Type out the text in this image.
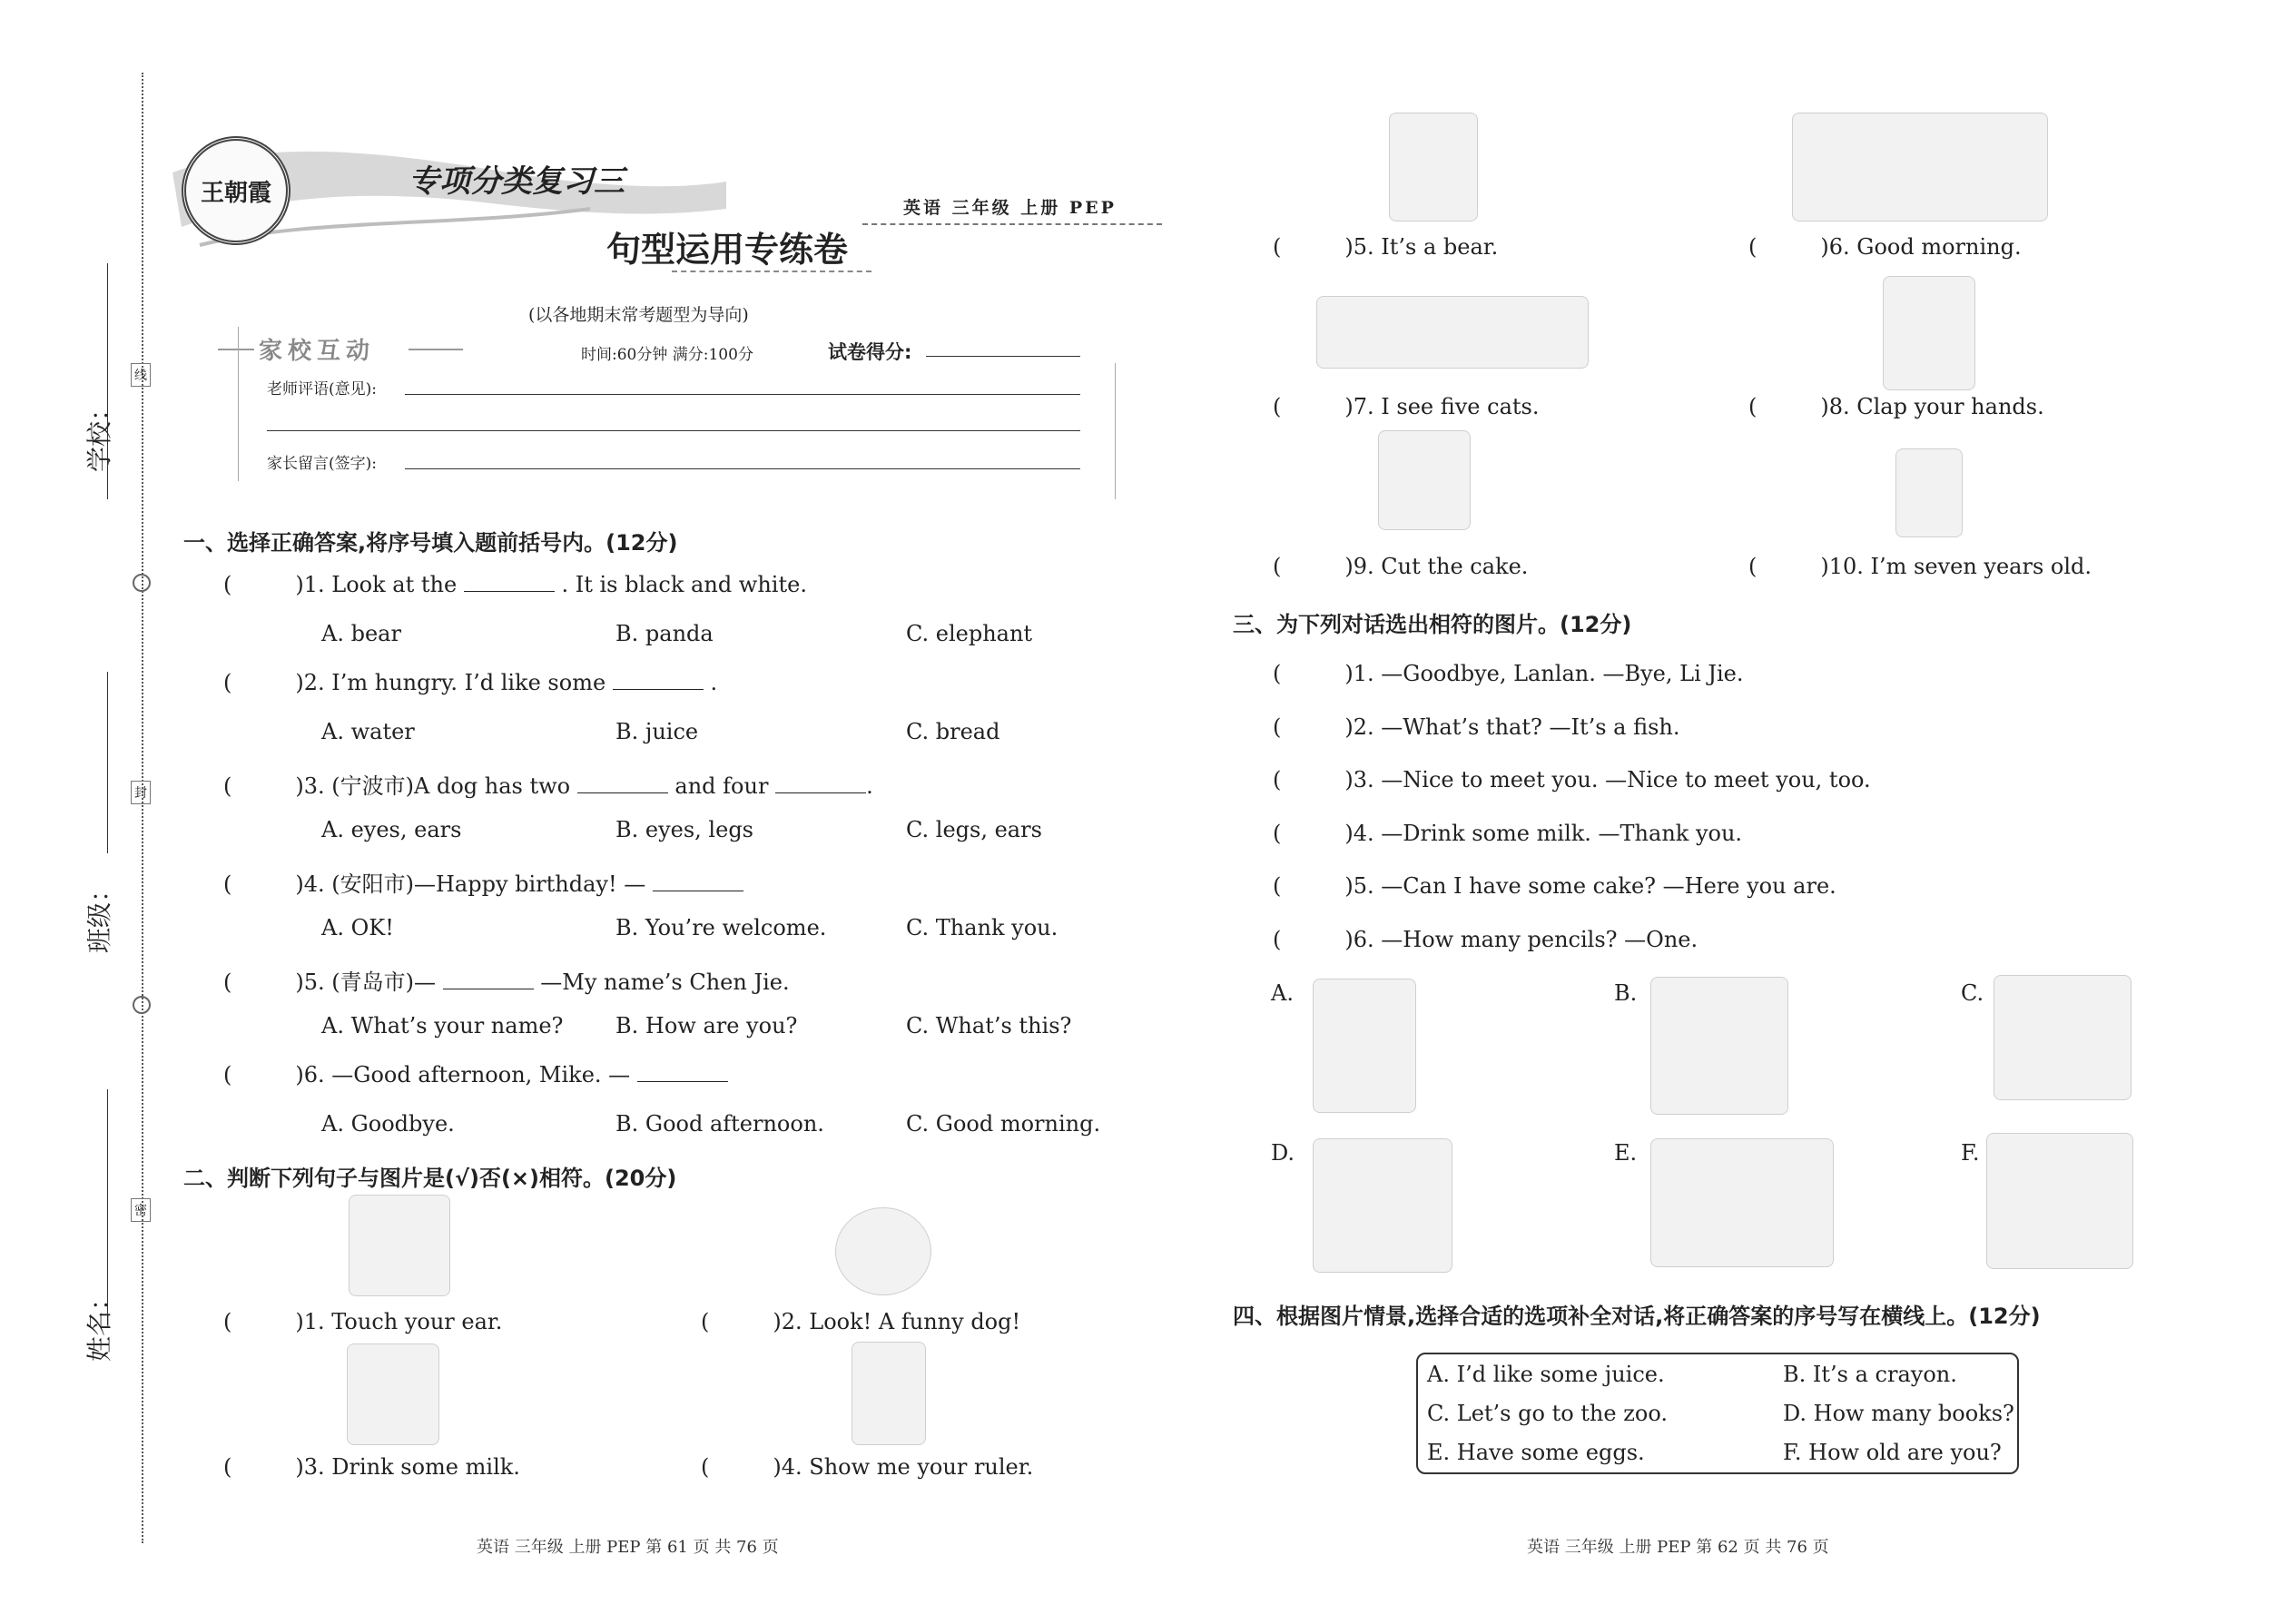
学校：
班级：
姓名：
线
封
密
王朝霞	专项分类复习三
英语 三年级 上册 PEP
句型运用专练卷
(以各地期末常考题型为导向)
家校互动	时间:60分钟 满分:100分	试卷得分:
老师评语(意见):
家长留言(签字):
一、选择正确答案,将序号填入题前括号内。(12分)
(	)1. Look at the	. It is black and white.
A. bear	B. panda	C. elephant
(	)2. I’m hungry. I’d like some	.
A. water	B. juice	C. bread
(	)3. (宁波市)A dog has two	and four	.
A. eyes, ears	B. eyes, legs	C. legs, ears
(	)4. (安阳市)—Happy birthday! —
A. OK!	B. You’re welcome.	C. Thank you.
(	)5. (青岛市)—	—My name’s Chen Jie.
A. What’s your name? B. How are you?	C. What’s this?
(	)6. —Good afternoon, Mike. —
A. Goodbye.	B. Good afternoon.	C. Good morning.
二、判断下列句子与图片是(√)否(×)相符。(20分)
(	)1. Touch your ear.	(	)2. Look! A funny dog!
(	)3. Drink some milk.	(	)4. Show me your ruler.
英语 三年级 上册 PEP 第 61 页 共 76 页
(	)5. It’s a bear.	(	)6. Good morning.
(	)7. I see five cats.	(	)8. Clap your hands.
(	)9. Cut the cake.	(	)10. I’m seven years old.
三、为下列对话选出相符的图片。(12分)
(	)1. —Goodbye, Lanlan. —Bye, Li Jie.
(	)2. —What’s that? —It’s a fish.
(	)3. —Nice to meet you. —Nice to meet you, too.
(	)4. —Drink some milk. —Thank you.
(	)5. —Can I have some cake? —Here you are.
(	)6. —How many pencils? —One.
A.	B.	C.
D.	E.	F.
四、根据图片情景,选择合适的选项补全对话,将正确答案的序号写在横线上。(12分)
A. I’d like some juice.	B. It’s a crayon.
C. Let’s go to the zoo.	D. How many books?
E. Have some eggs.	F. How old are you?
英语 三年级 上册 PEP 第 62 页 共 76 页
